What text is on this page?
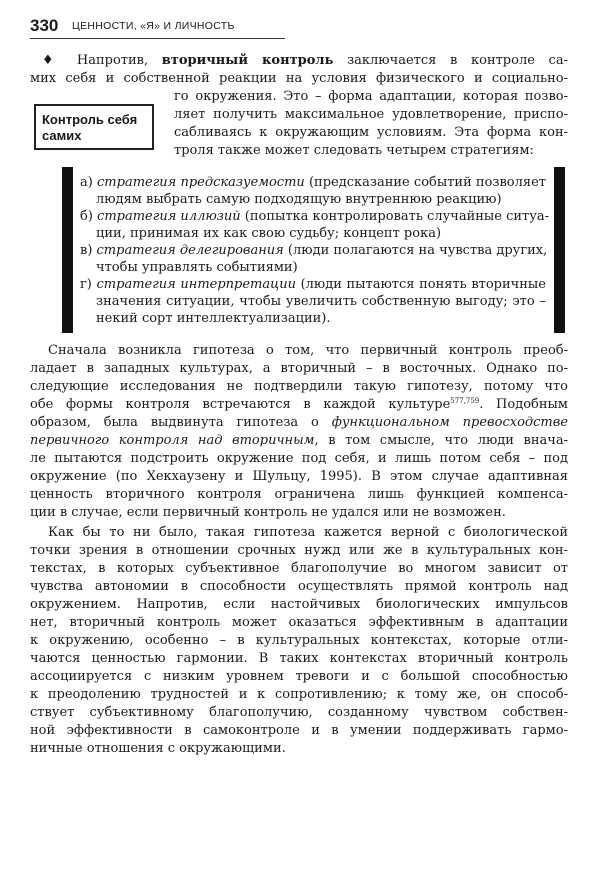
330 ЦЕННОСТИ, «Я» И ЛИЧНОСТЬ
♦ Напротив, вторичный контроль заключается в контроле са-
мих себя и собственной реакции на условия физического и социально-
го окружения. Это – форма адаптации, которая позво-
ляет получить максимальное удовлетворение, приспо-
сабливаясь к окружающим условиям. Эта форма кон-
троля также может следовать четырем стратегиям:
Контроль себя
самих
а) стратегия предсказуемости (предсказание событий позволяет
людям выбрать самую подходящую внутреннюю реакцию)
б) стратегия иллюзий (попытка контролировать случайные ситуа-
ции, принимая их как свою судьбу; концепт рока)
в) стратегия делегирования (люди полагаются на чувства других,
чтобы управлять событиями)
г) стратегия интерпретации (люди пытаются понять вторичные
значения ситуации, чтобы увеличить собственную выгоду; это –
некий сорт интеллектуализации).
Сначала возникла гипотеза о том, что первичный контроль преоб-
ладает в западных культурах, а вторичный – в восточных. Однако по-
следующие исследования не подтвердили такую гипотезу, потому что
обе формы контроля встречаются в каждой культуре$^{577,759}$. Подобным
образом, была выдвинута гипотеза о функциональном превосходстве
первичного контроля над вторичным, в том смысле, что люди внача-
ле пытаются подстроить окружение под себя, и лишь потом себя – под
окружение (по Хекхаузену и Шульцу, 1995). В этом случае адаптивная
ценность вторичного контроля ограничена лишь функцией компенса-
ции в случае, если первичный контроль не удался или не возможен.
Как бы то ни было, такая гипотеза кажется верной с биологической
точки зрения в отношении срочных нужд или же в культуральных кон-
текстах, в которых субъективное благополучие во многом зависит от
чувства автономии в способности осуществлять прямой контроль над
окружением. Напротив, если настойчивых биологических импульсов
нет, вторичный контроль может оказаться эффективным в адаптации
к окружению, особенно – в культуральных контекстах, которые отли-
чаются ценностью гармонии. В таких контекстах вторичный контроль
ассоциируется с низким уровнем тревоги и с большой способностью
к преодолению трудностей и к сопротивлению; к тому же, он способ-
ствует субъективному благополучию, созданному чувством собствен-
ной эффективности в самоконтроле и в умении поддерживать гармо-
ничные отношения с окружающими.
